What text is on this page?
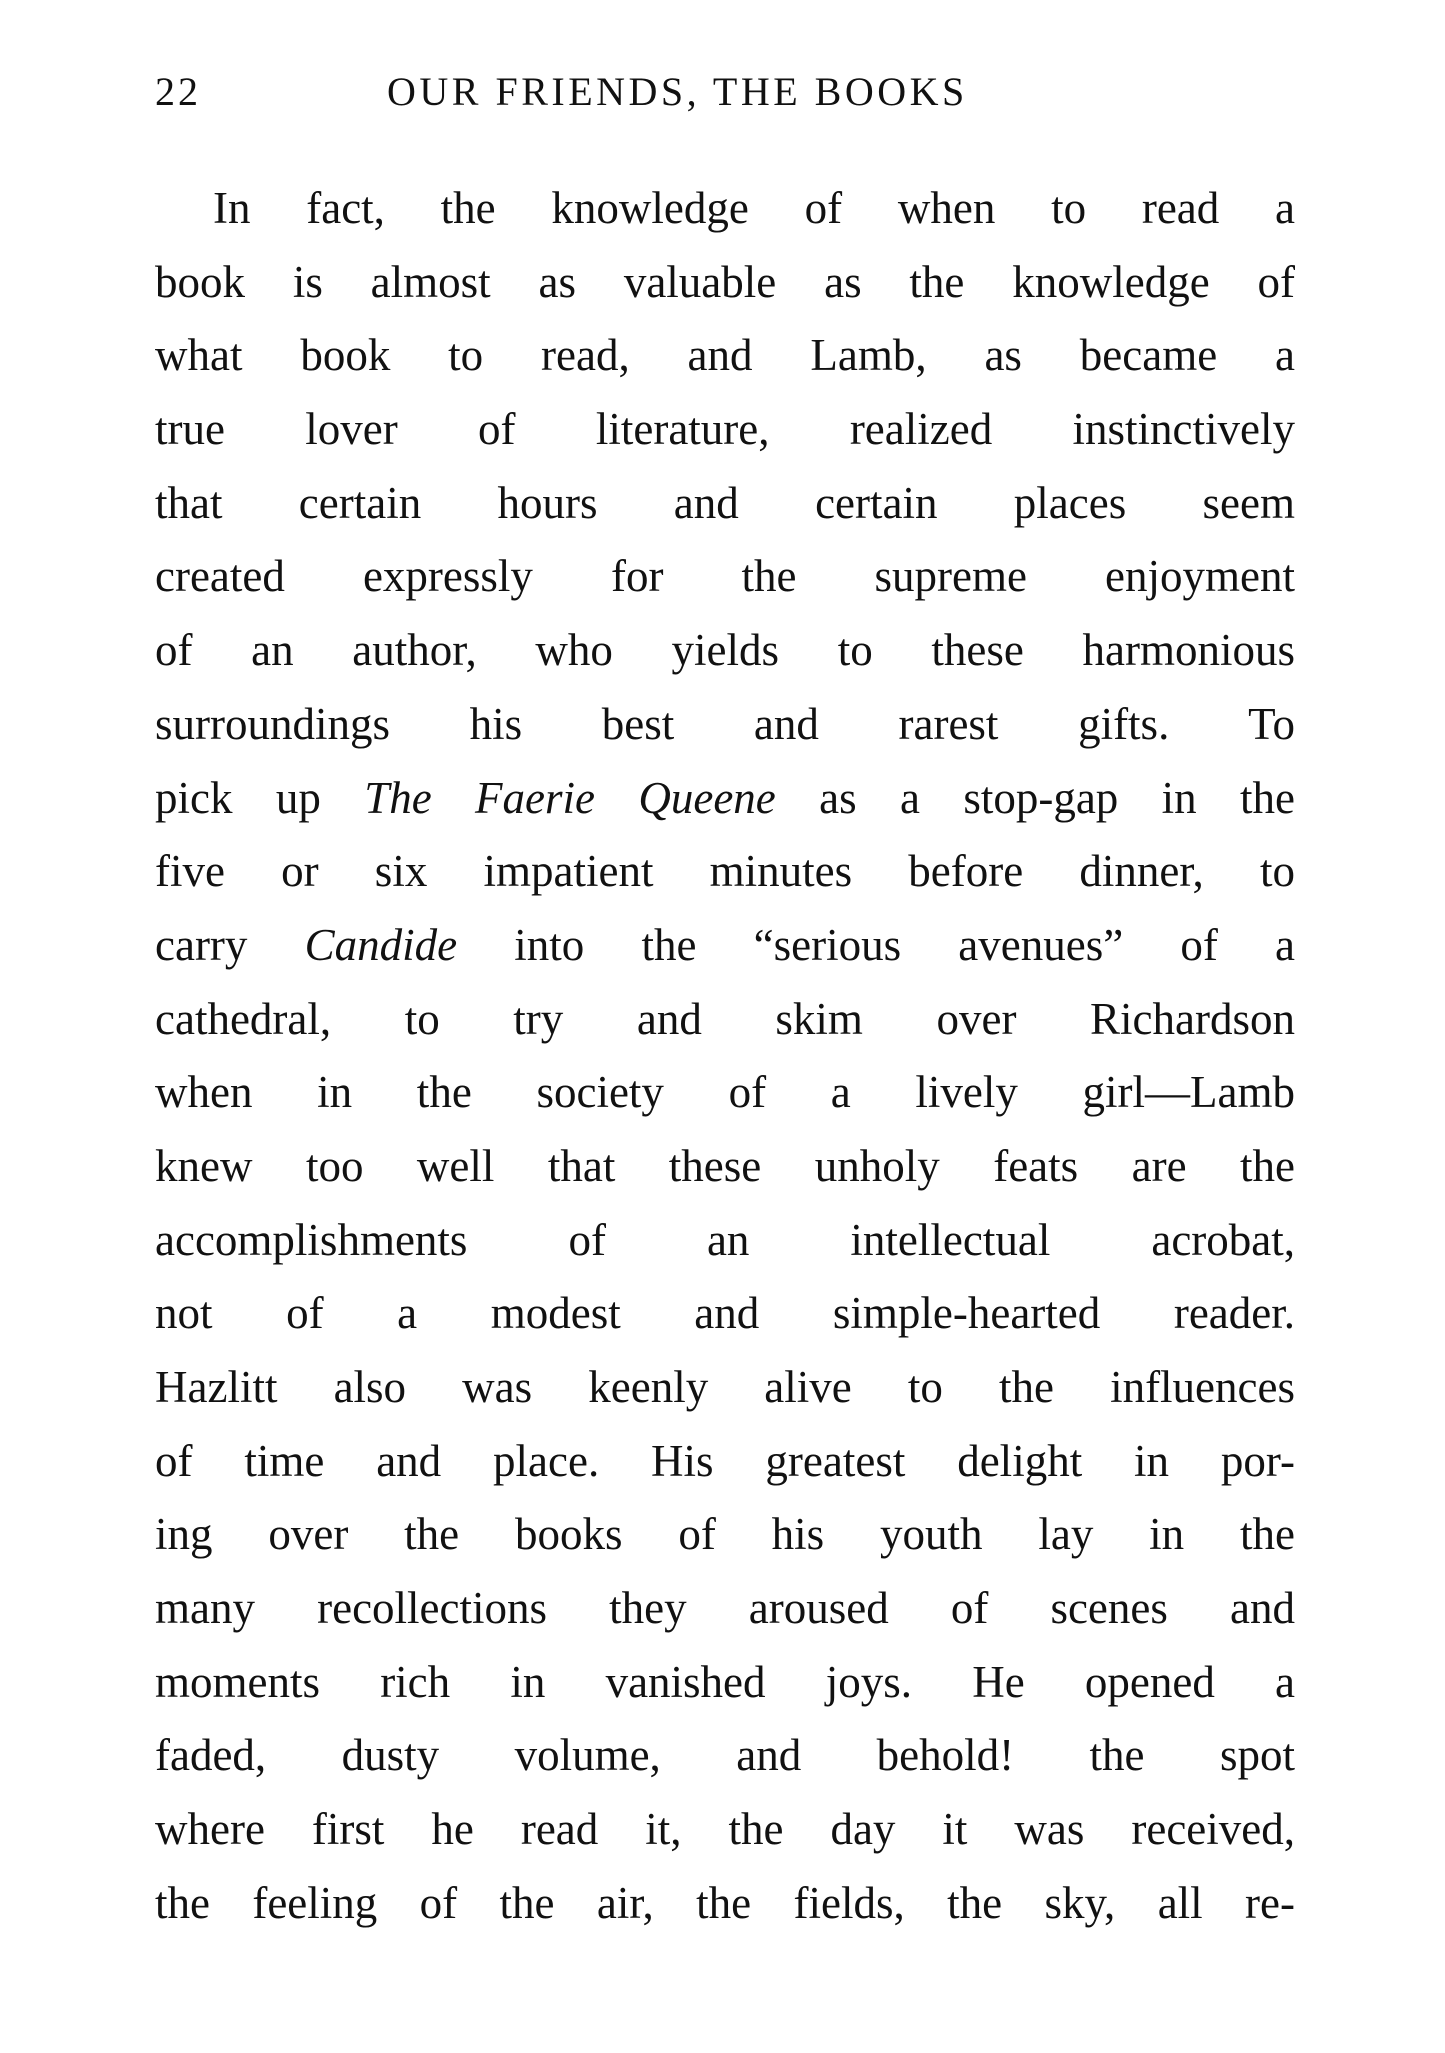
22	OUR FRIENDS, THE BOOKS
In fact, the knowledge of when to read a
book is almost as valuable as the knowledge of
what book to read, and Lamb, as became a
true lover of literature, realized instinctively
that certain hours and certain places seem
created expressly for the supreme enjoyment
of an author, who yields to these harmonious
surroundings his best and rarest gifts. To
pick up The Faerie Queene as a stop-gap in the
five or six impatient minutes before dinner, to
carry Candide into the “serious avenues” of a
cathedral, to try and skim over Richardson
when in the society of a lively girl—Lamb
knew too well that these unholy feats are the
accomplishments of an intellectual acrobat,
not of a modest and simple-hearted reader.
Hazlitt also was keenly alive to the influences
of time and place. His greatest delight in por-
ing over the books of his youth lay in the
many recollections they aroused of scenes and
moments rich in vanished joys. He opened a
faded, dusty volume, and behold! the spot
where first he read it, the day it was received,
the feeling of the air, the fields, the sky, all re-
